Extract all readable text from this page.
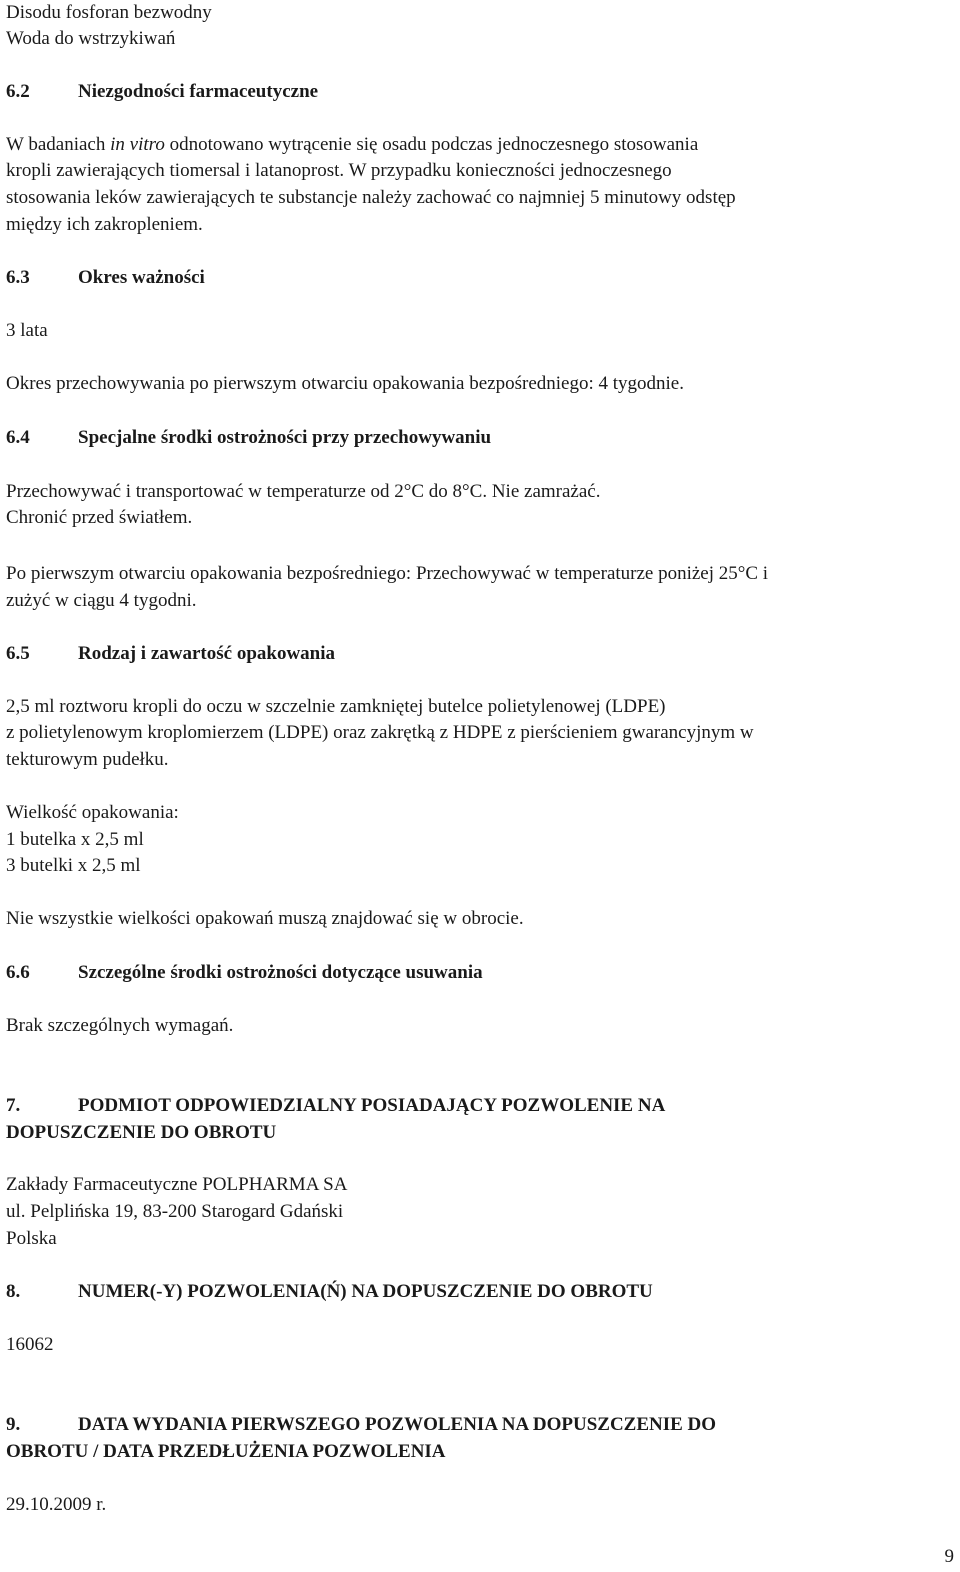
Disodu fosforan bezwodny
Woda do wstrzykiwań
6.2	Niezgodności farmaceutyczne
W badaniach in vitro odnotowano wytrącenie się osadu podczas jednoczesnego stosowania
kropli zawierających tiomersal i latanoprost. W przypadku konieczności jednoczesnego
stosowania leków zawierających te substancje należy zachować co najmniej 5 minutowy odstęp
między ich zakropleniem.
6.3	Okres ważności
3 lata
Okres przechowywania po pierwszym otwarciu opakowania bezpośredniego: 4 tygodnie.
6.4	Specjalne środki ostrożności przy przechowywaniu
Przechowywać i transportować w temperaturze od 2°C do 8°C. Nie zamrażać.
Chronić przed światłem.
Po pierwszym otwarciu opakowania bezpośredniego: Przechowywać w temperaturze poniżej 25°C i
zużyć w ciągu 4 tygodni.
6.5	Rodzaj i zawartość opakowania
2,5 ml roztworu kropli do oczu w szczelnie zamkniętej butelce polietylenowej (LDPE)
z polietylenowym kroplomierzem (LDPE) oraz zakrętką z HDPE z pierścieniem gwarancyjnym w
tekturowym pudełku.
Wielkość opakowania:
1 butelka x 2,5 ml
3 butelki x 2,5 ml
Nie wszystkie wielkości opakowań muszą znajdować się w obrocie.
6.6	Szczególne środki ostrożności dotyczące usuwania
Brak szczególnych wymagań.
7.	PODMIOT ODPOWIEDZIALNY POSIADAJĄCY POZWOLENIE NA
DOPUSZCZENIE DO OBROTU
Zakłady Farmaceutyczne POLPHARMA SA
ul. Pelplińska 19, 83-200 Starogard Gdański
Polska
8.	NUMER(-Y) POZWOLENIA(Ń) NA DOPUSZCZENIE DO OBROTU
16062
9.	DATA WYDANIA PIERWSZEGO POZWOLENIA NA DOPUSZCZENIE DO
OBROTU / DATA PRZEDŁUŻENIA POZWOLENIA
29.10.2009 r.
9
